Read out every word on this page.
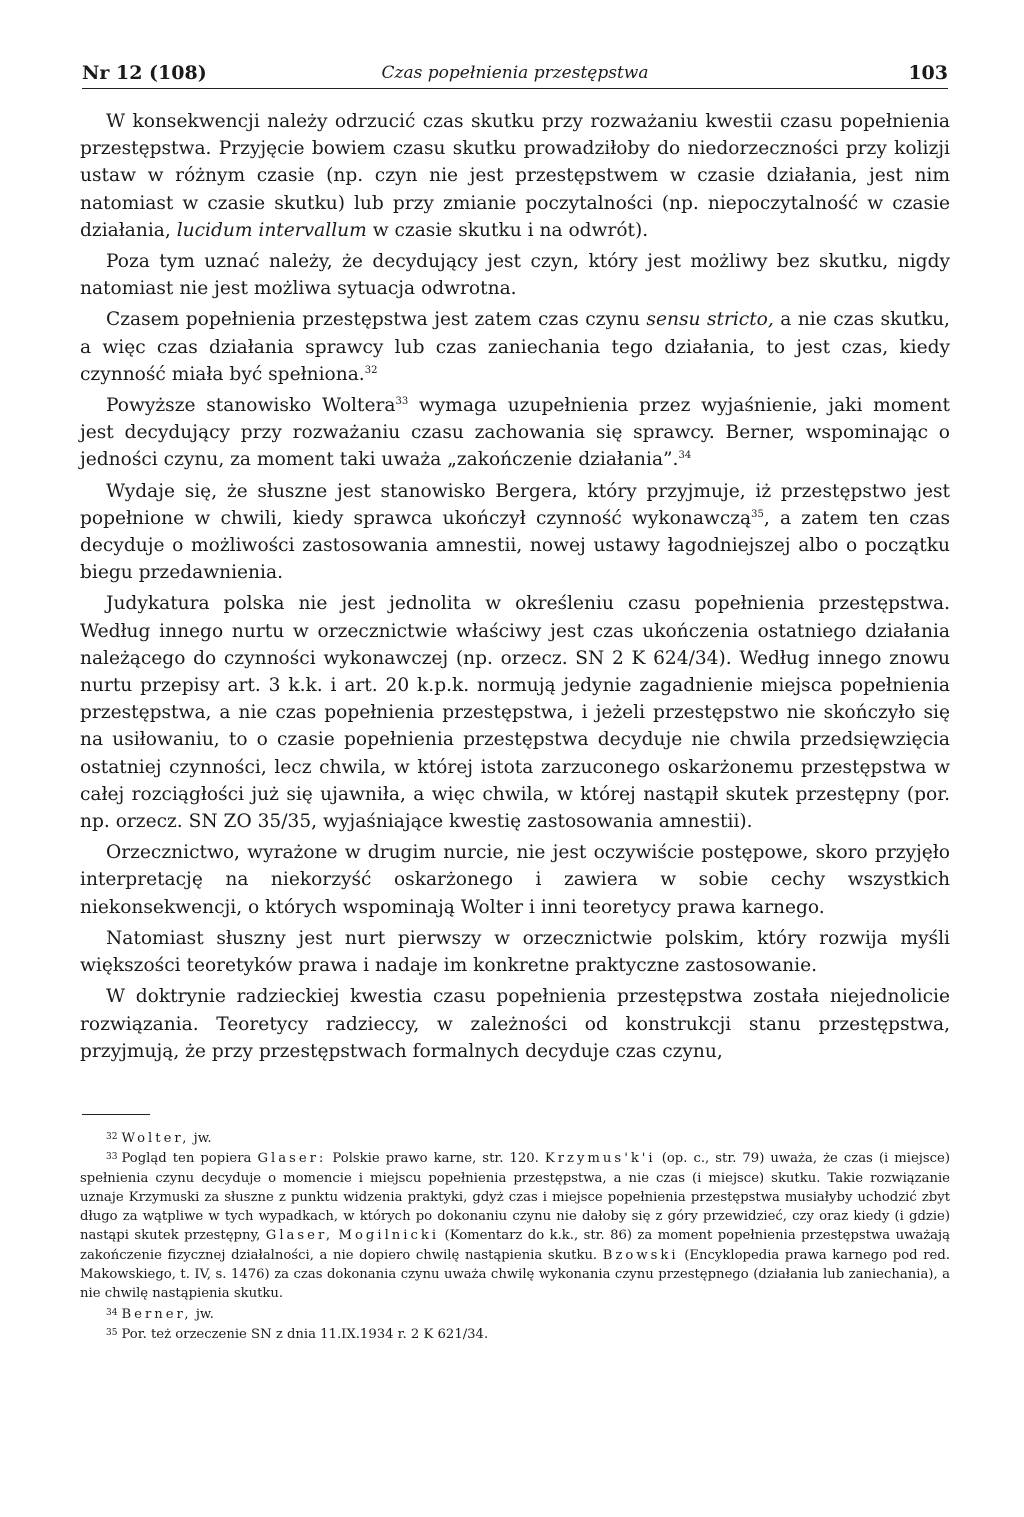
Nr 12 (108)	Czas popełnienia przestępstwa	103

W konsekwencji należy odrzucić czas skutku przy rozważaniu kwestii czasu popełnienia przestępstwa. Przyjęcie bowiem czasu skutku prowadziłoby do niedorzeczności przy kolizji ustaw w różnym czasie (np. czyn nie jest przestępstwem w czasie działania, jest nim natomiast w czasie skutku) lub przy zmianie poczytalności (np. niepoczytalność w czasie działania, lucidum intervallum w czasie skutku i na odwrót).

Poza tym uznać należy, że decydujący jest czyn, który jest możliwy bez skutku, nigdy natomiast nie jest możliwa sytuacja odwrotna.

Czasem popełnienia przestępstwa jest zatem czas czynu sensu stricto, a nie czas skutku, a więc czas działania sprawcy lub czas zaniechania tego działania, to jest czas, kiedy czynność miała być spełniona.$^{32}$

Powyższe stanowisko Woltera$^{33}$ wymaga uzupełnienia przez wyjaśnienie, jaki moment jest decydujący przy rozważaniu czasu zachowania się sprawcy. Berner, wspominając o jedności czynu, za moment taki uważa „zakończenie działania”.$^{34}$

Wydaje się, że słuszne jest stanowisko Bergera, który przyjmuje, iż przestępstwo jest popełnione w chwili, kiedy sprawca ukończył czynność wykonawczą$^{35}$, a zatem ten czas decyduje o możliwości zastosowania amnestii, nowej ustawy łagodniejszej albo o początku biegu przedawnienia.

Judykatura polska nie jest jednolita w określeniu czasu popełnienia przestępstwa. Według innego nurtu w orzecznictwie właściwy jest czas ukończenia ostatniego działania należącego do czynności wykonawczej (np. orzecz. SN 2 K 624/34). Według innego znowu nurtu przepisy art. 3 k.k. i art. 20 k.p.k. normują jedynie zagadnienie miejsca popełnienia przestępstwa, a nie czas popełnienia przestępstwa, i jeżeli przestępstwo nie skończyło się na usiłowaniu, to o czasie popełnienia przestępstwa decyduje nie chwila przedsięwzięcia ostatniej czynności, lecz chwila, w której istota zarzuconego oskarżonemu przestępstwa w całej rozciągłości już się ujawniła, a więc chwila, w której nastąpił skutek przestępny (por. np. orzecz. SN ZO 35/35, wyjaśniające kwestię zastosowania amnestii).

Orzecznictwo, wyrażone w drugim nurcie, nie jest oczywiście postępowe, skoro przyjęło interpretację na niekorzyść oskarżonego i zawiera w sobie cechy wszystkich niekonsekwencji, o których wspominają Wolter i inni teoretycy prawa karnego.

Natomiast słuszny jest nurt pierwszy w orzecznictwie polskim, który rozwija myśli większości teoretyków prawa i nadaje im konkretne praktyczne zastosowanie.

W doktrynie radzieckiej kwestia czasu popełnienia przestępstwa została niejednolicie rozwiązania. Teoretycy radzieccy, w zależności od konstrukcji stanu przestępstwa, przyjmują, że przy przestępstwach formalnych decyduje czas czynu,

$^{32}$ Wolter, jw.

$^{33}$ Pogląd ten popiera Glaser: Polskie prawo karne, str. 120. Krzymus'k'i (op. c., str. 79) uważa, że czas (i miejsce) spełnienia czynu decyduje o momencie i miejscu popełnienia przestępstwa, a nie czas (i miejsce) skutku. Takie rozwiązanie uznaje Krzymuski za słuszne z punktu widzenia praktyki, gdyż czas i miejsce popełnienia przestępstwa musiałyby uchodzić zbyt długo za wątpliwe w tych wypadkach, w których po dokonaniu czynu nie dałoby się z góry przewidzieć, czy oraz kiedy (i gdzie) nastąpi skutek przestępny, Glaser, Mogilnicki (Komentarz do k.k., str. 86) za moment popełnienia przestępstwa uważają zakończenie fizycznej działalności, a nie dopiero chwilę nastąpienia skutku. Bzowski (Encyklopedia prawa karnego pod red. Makowskiego, t. IV, s. 1476) za czas dokonania czynu uważa chwilę wykonania czynu przestępnego (działania lub zaniechania), a nie chwilę nastąpienia skutku.

$^{34}$ Berner, jw.

$^{35}$ Por. też orzeczenie SN z dnia 11.IX.1934 r. 2 K 621/34.
